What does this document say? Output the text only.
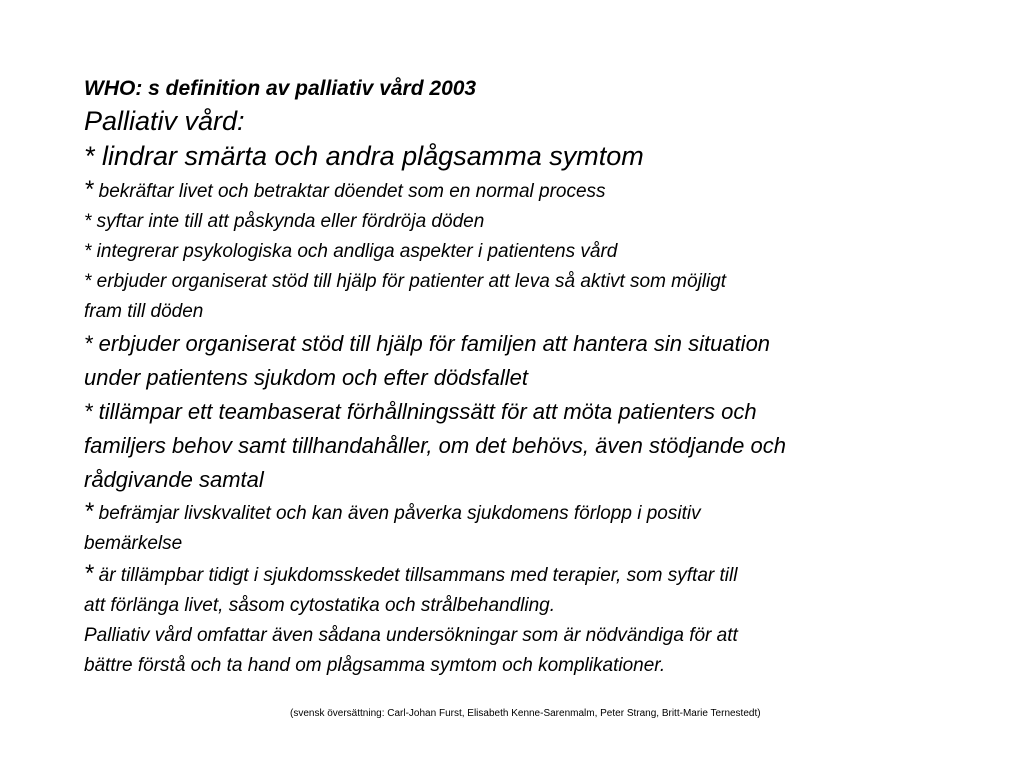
WHO: s definition av palliativ vård 2003

Palliativ vård:

* lindrar smärta och andra plågsamma symtom

* bekräftar livet och betraktar döendet som en normal process

* syftar inte till att påskynda eller fördröja döden

* integrerar psykologiska och andliga aspekter i patientens vård

* erbjuder organiserat stöd till hjälp för patienter att leva så aktivt som möjligt

fram till döden

* erbjuder organiserat stöd till hjälp för familjen att hantera sin situation

under patientens sjukdom och efter dödsfallet

* tillämpar ett teambaserat förhållningssätt för att möta patienters och

familjers behov samt tillhandahåller, om det behövs, även stödjande och

rådgivande samtal

* befrämjar livskvalitet och kan även påverka sjukdomens förlopp i positiv

bemärkelse

* är tillämpbar tidigt i sjukdomsskedet tillsammans med terapier, som syftar till

att förlänga livet, såsom cytostatika och strålbehandling.

Palliativ vård omfattar även sådana undersökningar som är nödvändiga för att

bättre förstå och ta hand om plågsamma symtom och komplikationer.

(svensk översättning: Carl-Johan Furst, Elisabeth Kenne-Sarenmalm, Peter Strang, Britt-Marie Ternestedt)
